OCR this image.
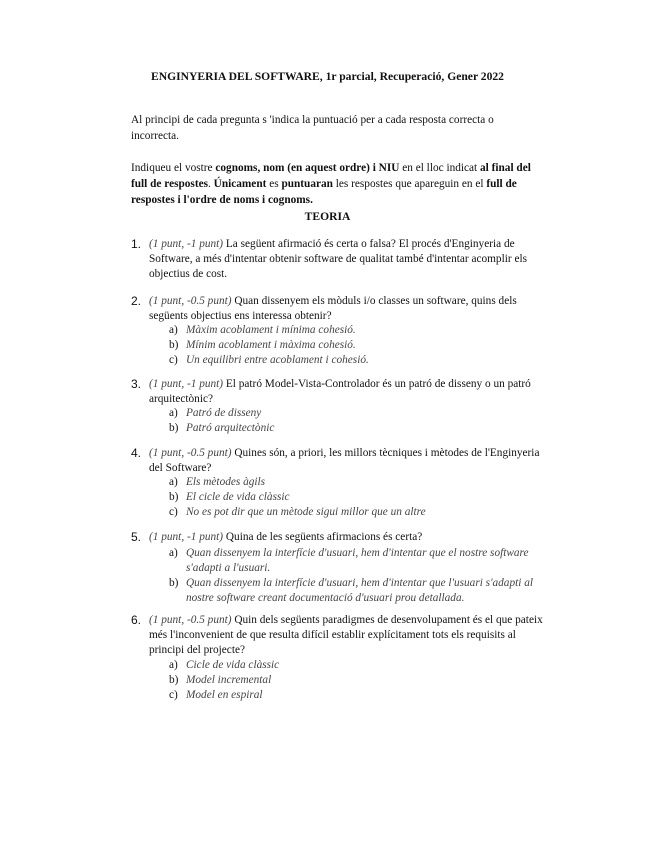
ENGINYERIA DEL SOFTWARE, 1r parcial, Recuperació, Gener 2022

Al principi de cada pregunta s 'indica la puntuació per a cada resposta correcta o incorrecta.

Indiqueu el vostre cognoms, nom (en aquest ordre) i NIU en el lloc indicat al final del full de respostes. Únicament es puntuaran les respostes que apareguin en el full de respostes i l'ordre de noms i cognoms.

TEORIA
1. (1 punt, -1 punt) La següent afirmació és certa o falsa? El procés d'Enginyeria de Software, a més d'intentar obtenir software de qualitat també d'intentar acomplir els objectius de cost.
2. (1 punt, -0.5 punt) Quan dissenyem els mòduls i/o classes un software, quins dels següents objectius ens interessa obtenir?
a) Màxim acoblament i mínima cohesió.
b) Mínim acoblament i màxima cohesió.
c) Un equilibri entre acoblament i cohesió.
3. (1 punt, -1 punt) El patró Model-Vista-Controlador és un patró de disseny o un patró arquitectònic?
a) Patró de disseny
b) Patró arquitectònic
4. (1 punt, -0.5 punt) Quines són, a priori, les millors tècniques i mètodes de l'Enginyeria del Software?
a) Els mètodes àgils
b) El cicle de vida clàssic
c) No es pot dir que un mètode sigui millor que un altre
5. (1 punt, -1 punt) Quina de les següents afirmacions és certa?
a) Quan dissenyem la interfície d'usuari, hem d'intentar que el nostre software s'adapti a l'usuari.
b) Quan dissenyem la interfície d'usuari, hem d'intentar que l'usuari s'adapti al nostre software creant documentació d'usuari prou detallada.
6. (1 punt, -0.5 punt) Quin dels següents paradigmes de desenvolupament és el que pateix més l'inconvenient de que resulta difícil establir explícitament tots els requisits al principi del projecte?
a) Cicle de vida clàssic
b) Model incremental
c) Model en espiral
